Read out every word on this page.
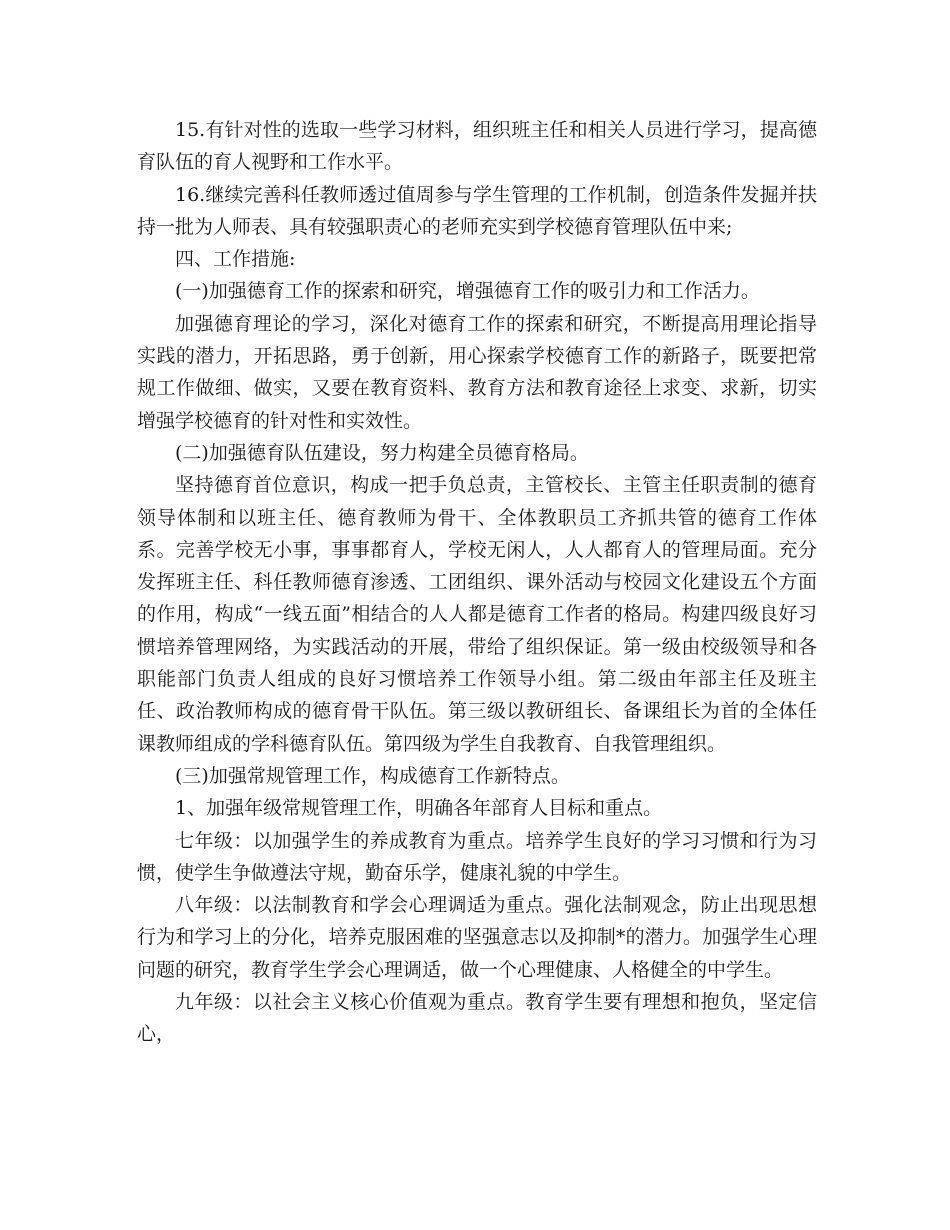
15.有针对性的选取一些学习材料，组织班主任和相关人员进行学习，提高德育队伍的育人视野和工作水平。

16.继续完善科任教师透过值周参与学生管理的工作机制，创造条件发掘并扶持一批为人师表、具有较强职责心的老师充实到学校德育管理队伍中来;

四、工作措施:

(一)加强德育工作的探索和研究，增强德育工作的吸引力和工作活力。

加强德育理论的学习，深化对德育工作的探索和研究，不断提高用理论指导实践的潜力，开拓思路，勇于创新，用心探索学校德育工作的新路子，既要把常规工作做细、做实，又要在教育资料、教育方法和教育途径上求变、求新，切实增强学校德育的针对性和实效性。

(二)加强德育队伍建设，努力构建全员德育格局。

坚持德育首位意识，构成一把手负总责，主管校长、主管主任职责制的德育领导体制和以班主任、德育教师为骨干、全体教职员工齐抓共管的德育工作体系。完善学校无小事，事事都育人，学校无闲人，人人都育人的管理局面。充分发挥班主任、科任教师德育渗透、工团组织、课外活动与校园文化建设五个方面的作用，构成“一线五面”相结合的人人都是德育工作者的格局。构建四级良好习惯培养管理网络，为实践活动的开展，带给了组织保证。第一级由校级领导和各职能部门负责人组成的良好习惯培养工作领导小组。第二级由年部主任及班主任、政治教师构成的德育骨干队伍。第三级以教研组长、备课组长为首的全体任课教师组成的学科德育队伍。第四级为学生自我教育、自我管理组织。

(三)加强常规管理工作，构成德育工作新特点。

1、加强年级常规管理工作，明确各年部育人目标和重点。

七年级：以加强学生的养成教育为重点。培养学生良好的学习习惯和行为习惯，使学生争做遵法守规，勤奋乐学，健康礼貌的中学生。

八年级：以法制教育和学会心理调适为重点。强化法制观念，防止出现思想行为和学习上的分化，培养克服困难的坚强意志以及抑制*的潜力。加强学生心理问题的研究，教育学生学会心理调适，做一个心理健康、人格健全的中学生。

九年级：以社会主义核心价值观为重点。教育学生要有理想和抱负，坚定信心，
